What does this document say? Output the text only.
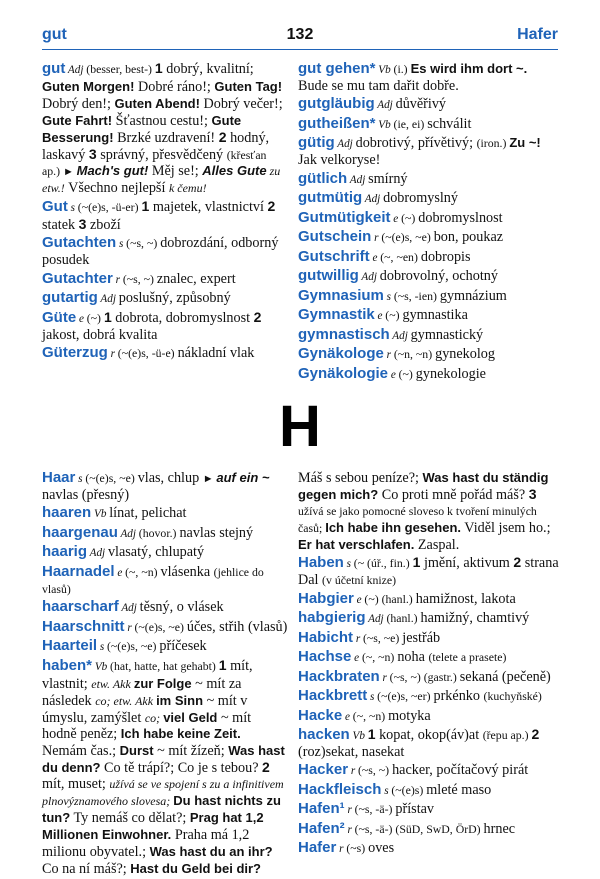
gut	132	Hafer
gut Adj (besser, best-) 1 dobrý, kvalitní; Guten Morgen! Dobré ráno!; Guten Tag! Dobrý den!; Guten Abend! Dobrý večer!; Gute Fahrt! Šťastnou cestu!; Gute Besserung! Brzké uzdravení! 2 hodný, laskavý 3 správný, přesvědčený (křesťan ap.) ► Mach's gut! Měj se!; Alles Gute zu etw.! Všechno nejlepší k čemu!
Gut s (~(e)s, -ü-er) 1 majetek, vlastnictví 2 statek 3 zboží
Gutachten s (~s, ~) dobrozdání, odborný posudek
Gutachter r (~s, ~) znalec, expert
gutartig Adj poslušný, způsobný
Güte e (~) 1 dobrota, dobromyslnost 2 jakost, dobrá kvalita
Güterzug r (~(e)s, -ü-e) nákladní vlak
gut gehen* Vb (i.) Es wird ihm dort ~. Bude se mu tam dařit dobře.
gutgläubig Adj důvěřivý
gutheißen* Vb (ie, ei) schválit
gütig Adj dobrotivý, přívětivý; (iron.) Zu ~! Jak velkoryse!
gütlich Adj smírný
gutmütig Adj dobromyslný
Gutmütigkeit e (~) dobromyslnost
Gutschein r (~(e)s, ~e) bon, poukaz
Gutschrift e (~, ~en) dobropis
gutwillig Adj dobrovolný, ochotný
Gymnasium s (~s, -ien) gymnázium
Gymnastik e (~) gymnastika
gymnastisch Adj gymnastický
Gynäkologe r (~n, ~n) gynekolog
Gynäkologie e (~) gynekologie
H
Haar s (~(e)s, ~e) vlas, chlup ► auf ein ~ navlas (přesný)
haaren Vb línat, pelichat
haargenau Adj (hovor.) navlas stejný
haarig Adj vlasatý, chlupatý
Haarnadel e (~, ~n) vlásenka (jehlice do vlasů)
haarscharf Adj těsný, o vlásek
Haarschnitt r (~(e)s, ~e) účes, střih (vlasů)
Haarteil s (~(e)s, ~e) příčesek
haben* Vb (hat, hatte, hat gehabt) 1 mít, vlastnit; etw. Akk zur Folge ~ mít za následek co; etw. Akk im Sinn ~ mít v úmyslu, zamýšlet co; viel Geld ~ mít hodně peněz; Ich habe keine Zeit. Nemám čas.; Durst ~ mít žízeň; Was hast du denn? Co tě trápí?; Co je s tebou? 2 mít, muset; užívá se ve spojení s zu a infinitivem plnovýznamového slovesa; Du hast nichts zu tun? Ty nemáš co dělat?; Prag hat 1,2 Millionen Einwohner. Praha má 1,2 milionu obyvatel.; Was hast du an ihr? Co na ní máš?; Hast du Geld bei dir?
Máš s sebou peníze?; Was hast du ständig gegen mich? Co proti mně pořád máš? 3 užívá se jako pomocné sloveso k tvoření minulých časů; Ich habe ihn gesehen. Viděl jsem ho.; Er hat verschlafen. Zaspal.
Haben s (~ (úř., fin.) 1 jmění, aktivum 2 strana Dal (v účetní knize)
Habgier e (~) (hanl.) hamižnost, lakota
habgierig Adj (hanl.) hamižný, chamtivý
Habicht r (~s, ~e) jestřáb
Hachse e (~, ~n) noha (telete a prasete)
Hackbraten r (~s, ~) (gastr.) sekaná (pečeně)
Hackbrett s (~(e)s, ~er) prkénko (kuchyňské)
Hacke e (~, ~n) motyka
hacken Vb 1 kopat, okop(áv)at (řepu ap.) 2 (roz)sekat, nasekat
Hacker r (~s, ~) hacker, počítačový pirát
Hackfleisch s (~(e)s) mleté maso
Hafen¹ r (~s, -ä-) přístav
Hafen² r (~s, -ä-) (SüD, SwD, ÖrD) hrnec
Hafer r (~s) oves
